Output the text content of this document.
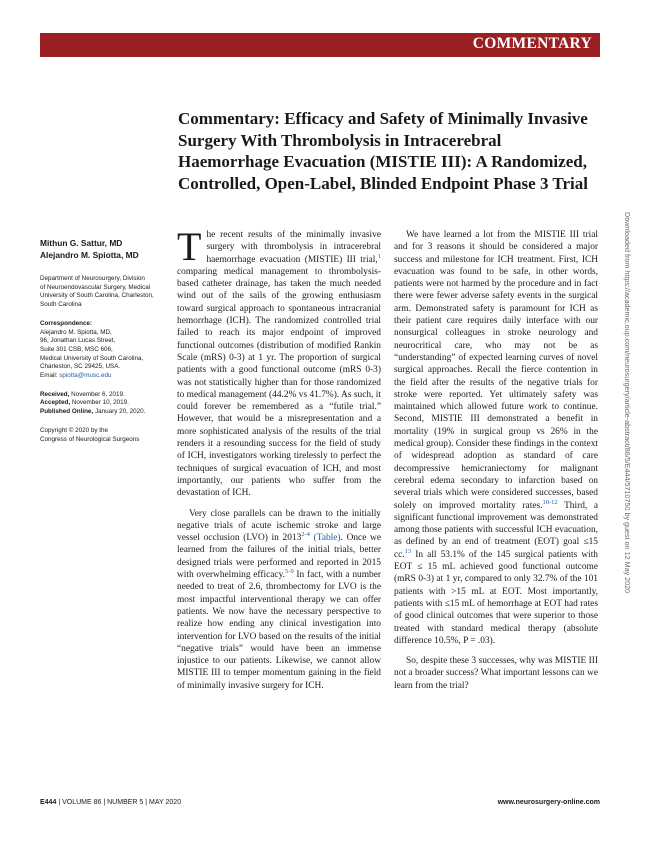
COMMENTARY
Commentary: Efficacy and Safety of Minimally Invasive Surgery With Thrombolysis in Intracerebral Haemorrhage Evacuation (MISTIE III): A Randomized, Controlled, Open-Label, Blinded Endpoint Phase 3 Trial
Mithun G. Sattur, MD
Alejandro M. Spiotta, MD
Department of Neurosurgery, Division
of Neuroendovascular Surgery, Medical
University of South Carolina, Charleston,
South Carolina
Correspondence:
Alejandro M. Spiotta, MD,
96, Jonathan Lucas Street,
Suite 301 CSB, MSC 606,
Medical University of South Carolina,
Charleston, SC 29425, USA.
Email: spiotta@musc.edu
Received, November 6, 2019.
Accepted, November 10, 2019.
Published Online, January 20, 2020.
Copyright © 2020 by the
Congress of Neurological Surgeons

The recent results of the minimally invasive surgery with thrombolysis in intracerebral haemorrhage evacuation (MISTIE) III trial,$^1$ comparing medical management to thrombolysis-based catheter drainage, has taken the much needed wind out of the sails of the growing enthusiasm toward surgical approach to spontaneous intracranial hemorrhage (ICH). The randomized controlled trial failed to reach its major endpoint of improved functional outcomes (distribution of modified Rankin Scale (mRS) 0-3) at 1 yr. The proportion of surgical patients with a good functional outcome (mRS 0-3) was not statistically higher than for those randomized to medical management (44.2% vs 41.7%). As such, it could forever be remembered as a “futile trial.” However, that would be a misrepresentation and a more sophisticated analysis of the results of the trial renders it a resounding success for the field of study of ICH, investigators working tirelessly to perfect the techniques of surgical evacuation of ICH, and most importantly, our patients who suffer from the devastation of ICH.

Very close parallels can be drawn to the initially negative trials of acute ischemic stroke and large vessel occlusion (LVO) in 2013$^{2-4}$ (Table). Once we learned from the failures of the initial trials, better designed trials were performed and reported in 2015 with overwhelming efficacy.$^{5-9}$ In fact, with a number needed to treat of 2.6, thrombectomy for LVO is the most impactful interventional therapy we can offer patients. We now have the necessary perspective to realize how ending any clinical investigation into intervention for LVO based on the results of the initial “negative trials” would have been an immense injustice to our patients. Likewise, we cannot allow MISTIE III to temper momentum gaining in the field of minimally invasive surgery for ICH.

We have learned a lot from the MISTIE III trial and for 3 reasons it should be considered a major success and milestone for ICH treatment. First, ICH evacuation was found to be safe, in other words, patients were not harmed by the procedure and in fact there were fewer adverse safety events in the surgical arm. Demonstrated safety is paramount for ICH as their patient care requires daily interface with our nonsurgical colleagues in stroke neurology and neurocritical care, who may not be as “understanding” of expected learning curves of novel surgical approaches. Recall the fierce contention in the field after the results of the negative trials for stroke were reported. Yet ultimately safety was maintained which allowed future work to continue. Second, MISTIE III demonstrated a benefit in mortality (19% in surgical group vs 26% in the medical group). Consider these findings in the context of widespread adoption as standard of care decompressive hemicraniectomy for malignant cerebral edema secondary to infarction based on several trials which were considered successes, based solely on improved mortality rates.$^{10-12}$ Third, a significant functional improvement was demonstrated among those patients with successful ICH evacuation, as defined by an end of treatment (EOT) goal ≤15 cc.$^{13}$ In all 53.1% of the 145 surgical patients with EOT ≤ 15 mL achieved good functional outcome (mRS 0-3) at 1 yr, compared to only 32.7% of the 101 patients with >15 mL at EOT. Most importantly, patients with ≤15 mL of hemorrhage at EOT had rates of good clinical outcomes that were superior to those treated with standard medical therapy (absolute difference 10.5%, P = .03).

So, despite these 3 successes, why was MISTIE III not a broader success? What important lessons can we learn from the trial?

E444 | VOLUME 86 | NUMBER 5 | MAY 2020	www.neurosurgery-online.com
Downloaded from https://academic.oup.com/neurosurgery/article-abstract/86/5/E444/5710750 by guest on 12 May 2020
